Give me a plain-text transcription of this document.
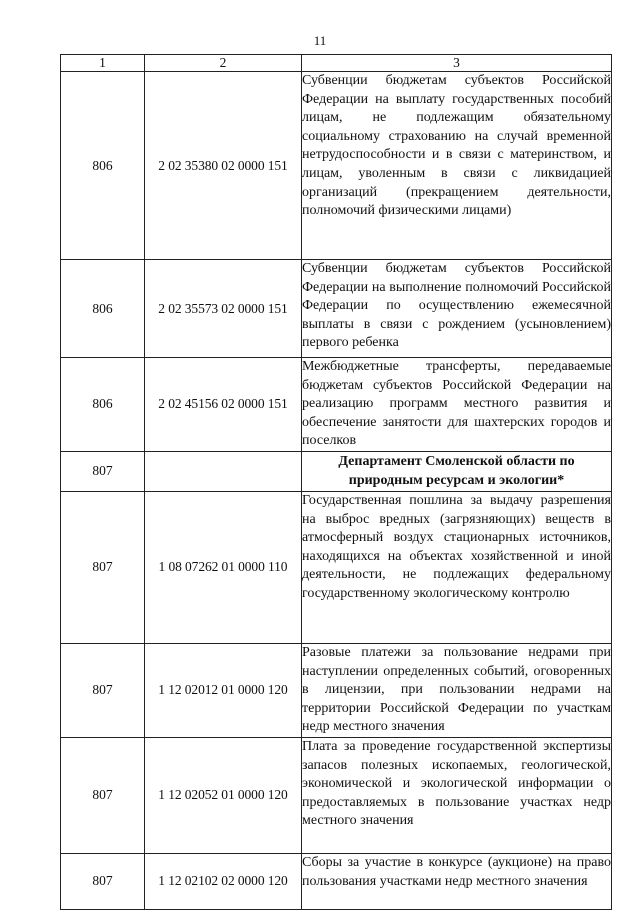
11
1	2	3
806	2 02 35380 02 0000 151	Субвенции бюджетам субъектов Российской Федерации на выплату государственных пособий лицам, не подлежащим обязательному социальному страхованию на случай временной нетрудоспособности и в связи с материнством, и лицам, уволенным в связи с ликвидацией организаций (прекращением деятельности, полномочий физическими лицами)
806	2 02 35573 02 0000 151	Субвенции бюджетам субъектов Российской Федерации на выполнение полномочий Российской Федерации по осуществлению ежемесячной выплаты в связи с рождением (усыновлением) первого ребенка
806	2 02 45156 02 0000 151	Межбюджетные трансферты, передаваемые бюджетам субъектов Российской Федерации на реализацию программ местного развития и обеспечение занятости для шахтерских городов и поселков
807		Департамент Смоленской области по природным ресурсам и экологии*
807	1 08 07262 01 0000 110	Государственная пошлина за выдачу разрешения на выброс вредных (загрязняющих) веществ в атмосферный воздух стационарных источников, находящихся на объектах хозяйственной и иной деятельности, не подлежащих федеральному государственному экологическому контролю
807	1 12 02012 01 0000 120	Разовые платежи за пользование недрами при наступлении определенных событий, оговоренных в лицензии, при пользовании недрами на территории Российской Федерации по участкам недр местного значения
807	1 12 02052 01 0000 120	Плата за проведение государственной экспертизы запасов полезных ископаемых, геологической, экономической и экологической информации о предоставляемых в пользование участках недр местного значения
807	1 12 02102 02 0000 120	Сборы за участие в конкурсе (аукционе) на право пользования участками недр местного значения
